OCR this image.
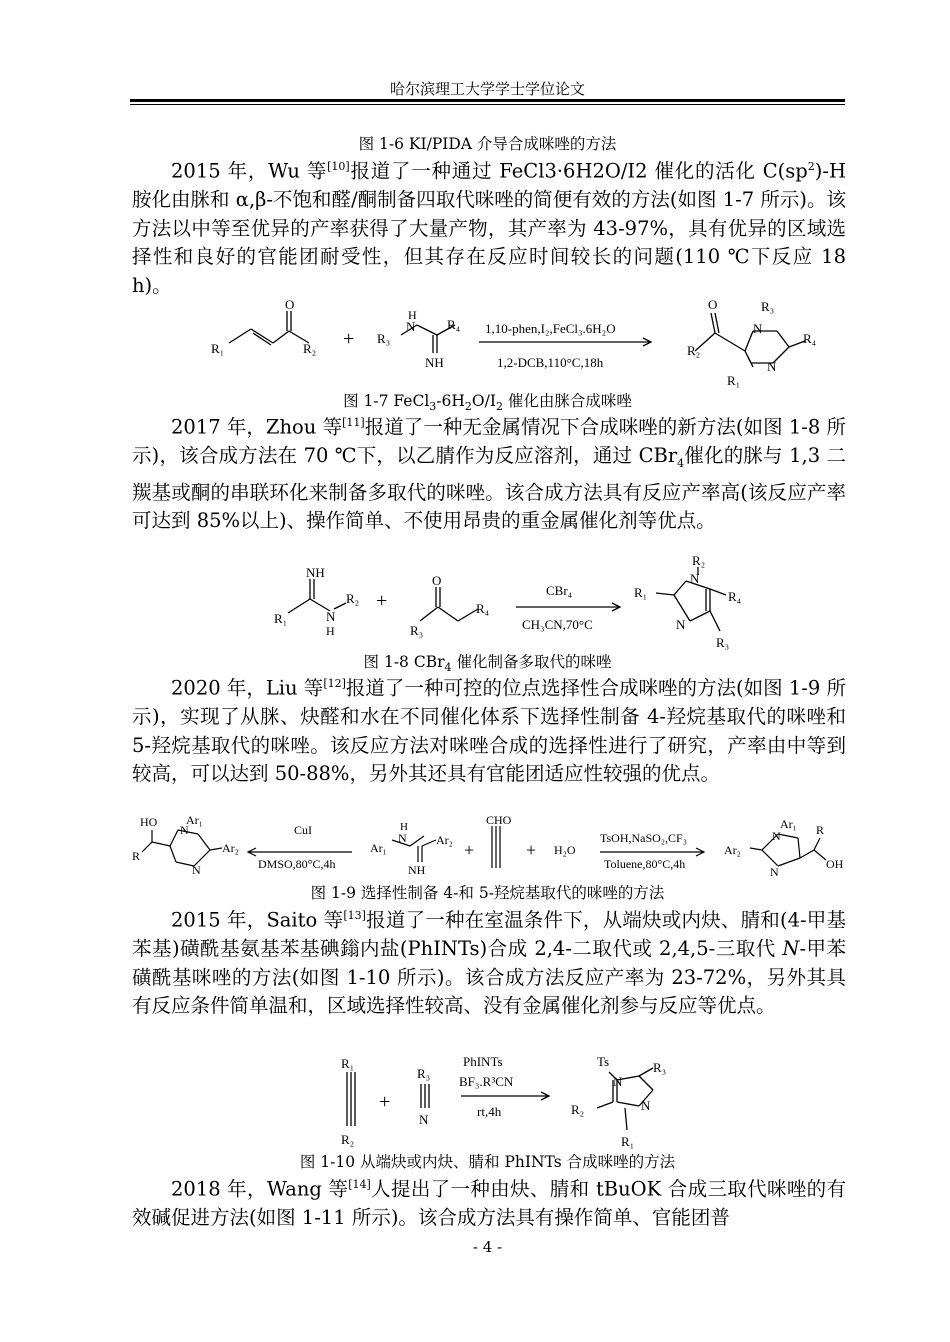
哈尔滨理工大学学士学位论文
图 1-6 KI/PIDA 介导合成咪唑的方法

2015 年，Wu 等[10]报道了一种通过 FeCl3·6H2O/I2 催化的活化 $C(sp^2)-H$ 胺化由脒和 α,β-不饱和醛/酮制备四取代咪唑的简便有效的方法(如图 1-7 所示)。该方法以中等至优异的产率获得了大量产物，其产率为 43-97%，具有优异的区域选择性和良好的官能团耐受性，但其存在反应时间较长的问题(110 ℃下反应 18 h)。

R₁
O
R₂ + R₃
H
N R₄
NH
1,10-phen,I₂,FeCl₃.6H₂O
1,2-DCB,110°C,18h
O
R₂
N
R₃
R₄
N
R₁
图 1-7 $FeCl_3-6H_2O/I_2$ 催化由脒合成咪唑

2017 年，Zhou 等[11]报道了一种无金属情况下合成咪唑的新方法(如图 1-8 所示)，该合成方法在 70 ℃下，以乙腈作为反应溶剂，通过 CBr$_4$催化的脒与 1,3 二羰基或酮的串联环化来制备多取代的咪唑。该合成方法具有反应产率高(该反应产率可达到 85%以上)、操作简单、不使用昂贵的重金属催化剂等优点。

NH
R₁	N
H
R₂ +
O
R₃
R₄
CBr₄
CH₃CN,70°C
R₂
N
R₁	R₄
N
R₃
图 1-8 CBr$_4$ 催化制备多取代的咪唑

2020 年，Liu 等[12]报道了一种可控的位点选择性合成咪唑的方法(如图 1-9 所示)，实现了从脒、炔醛和水在不同催化体系下选择性制备 4-羟烷基取代的咪唑和 5-羟烷基取代的咪唑。该反应方法对咪唑合成的选择性进行了研究，产率由中等到较高，可以达到 50-88%，另外其还具有官能团适应性较强的优点。

HO
R
Ar₁
N
Ar₂
N
CuI
DMSO,80°C,4h
Ar₁
H
N Ar₂
NH
+
CHO
+ H₂O
TsOH,NaSO₂,CF₃
Toluene,80°C,4h
Ar₂
Ar₁
N
N
R
OH
图 1-9 选择性制备 4-和 5-羟烷基取代的咪唑的方法

2015 年，Saito 等[13]报道了一种在室温条件下，从端炔或内炔、腈和(4-甲基苯基)磺酰基氨基苯基碘鎓内盐(PhINTs)合成 2,4-二取代或 2,4,5-三取代 N-甲苯磺酰基咪唑的方法(如图 1-10 所示)。该合成方法反应产率为 23-72%，另外其具有反应条件简单温和，区域选择性较高、没有金属催化剂参与反应等优点。

R₁
R₂
+
R₃
N
PhINTs
BF₃.R³CN
rt,4h
Ts
N
R₃
R₂	N
R₁
图 1-10 从端炔或内炔、腈和 PhINTs 合成咪唑的方法

2018 年，Wang 等[14]人提出了一种由炔、腈和 tBuOK 合成三取代咪唑的有效碱促进方法(如图 1-11 所示)。该合成方法具有操作简单、官能团普

- 4 -
